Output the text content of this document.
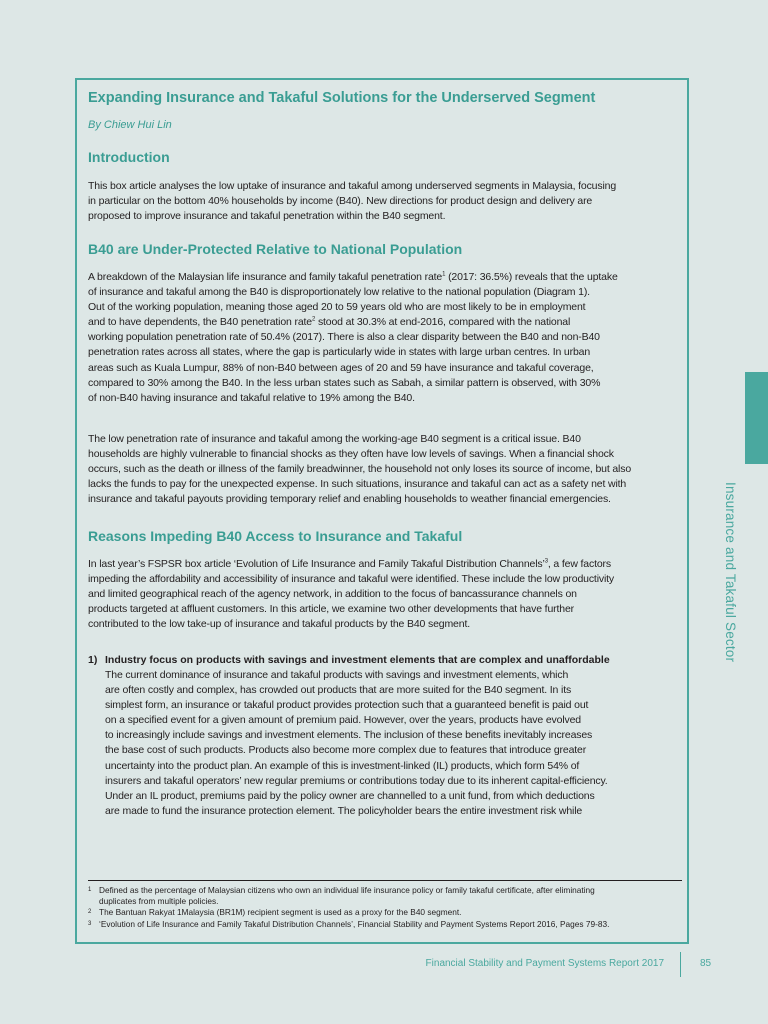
Expanding Insurance and Takaful Solutions for the Underserved Segment
By Chiew Hui Lin
Introduction
This box article analyses the low uptake of insurance and takaful among underserved segments in Malaysia, focusing
in particular on the bottom 40% households by income (B40). New directions for product design and delivery are
proposed to improve insurance and takaful penetration within the B40 segment.
B40 are Under-Protected Relative to National Population
A breakdown of the Malaysian life insurance and family takaful penetration rate$^1$ (2017: 36.5%) reveals that the uptake
of insurance and takaful among the B40 is disproportionately low relative to the national population (Diagram 1).
Out of the working population, meaning those aged 20 to 59 years old who are most likely to be in employment
and to have dependents, the B40 penetration rate$^2$ stood at 30.3% at end-2016, compared with the national
working population penetration rate of 50.4% (2017). There is also a clear disparity between the B40 and non-B40
penetration rates across all states, where the gap is particularly wide in states with large urban centres. In urban
areas such as Kuala Lumpur, 88% of non-B40 between ages of 20 and 59 have insurance and takaful coverage,
compared to 30% among the B40. In the less urban states such as Sabah, a similar pattern is observed, with 30%
of non-B40 having insurance and takaful relative to 19% among the B40.
The low penetration rate of insurance and takaful among the working-age B40 segment is a critical issue. B40
households are highly vulnerable to financial shocks as they often have low levels of savings. When a financial shock
occurs, such as the death or illness of the family breadwinner, the household not only loses its source of income, but also
lacks the funds to pay for the unexpected expense. In such situations, insurance and takaful can act as a safety net with
insurance and takaful payouts providing temporary relief and enabling households to weather financial emergencies.
Reasons Impeding B40 Access to Insurance and Takaful
In last year’s FSPSR box article ‘Evolution of Life Insurance and Family Takaful Distribution Channels’$^3$, a few factors
impeding the affordability and accessibility of insurance and takaful were identified. These include the low productivity
and limited geographical reach of the agency network, in addition to the focus of bancassurance channels on
products targeted at affluent customers. In this article, we examine two other developments that have further
contributed to the low take-up of insurance and takaful products by the B40 segment.
1) Industry focus on products with savings and investment elements that are complex and unaffordable
The current dominance of insurance and takaful products with savings and investment elements, which
are often costly and complex, has crowded out products that are more suited for the B40 segment. In its
simplest form, an insurance or takaful product provides protection such that a guaranteed benefit is paid out
on a specified event for a given amount of premium paid. However, over the years, products have evolved
to increasingly include savings and investment elements. The inclusion of these benefits inevitably increases
the base cost of such products. Products also become more complex due to features that introduce greater
uncertainty into the product plan. An example of this is investment-linked (IL) products, which form 54% of
insurers and takaful operators’ new regular premiums or contributions today due to its inherent capital-efficiency.
Under an IL product, premiums paid by the policy owner are channelled to a unit fund, from which deductions
are made to fund the insurance protection element. The policyholder bears the entire investment risk while
1 Defined as the percentage of Malaysian citizens who own an individual life insurance policy or family takaful certificate, after eliminating
duplicates from multiple policies.
2 The Bantuan Rakyat 1Malaysia (BR1M) recipient segment is used as a proxy for the B40 segment.
3 ‘Evolution of Life Insurance and Family Takaful Distribution Channels’, Financial Stability and Payment Systems Report 2016, Pages 79-83.
Insurance and Takaful Sector
Financial Stability and Payment Systems Report 2017	85
